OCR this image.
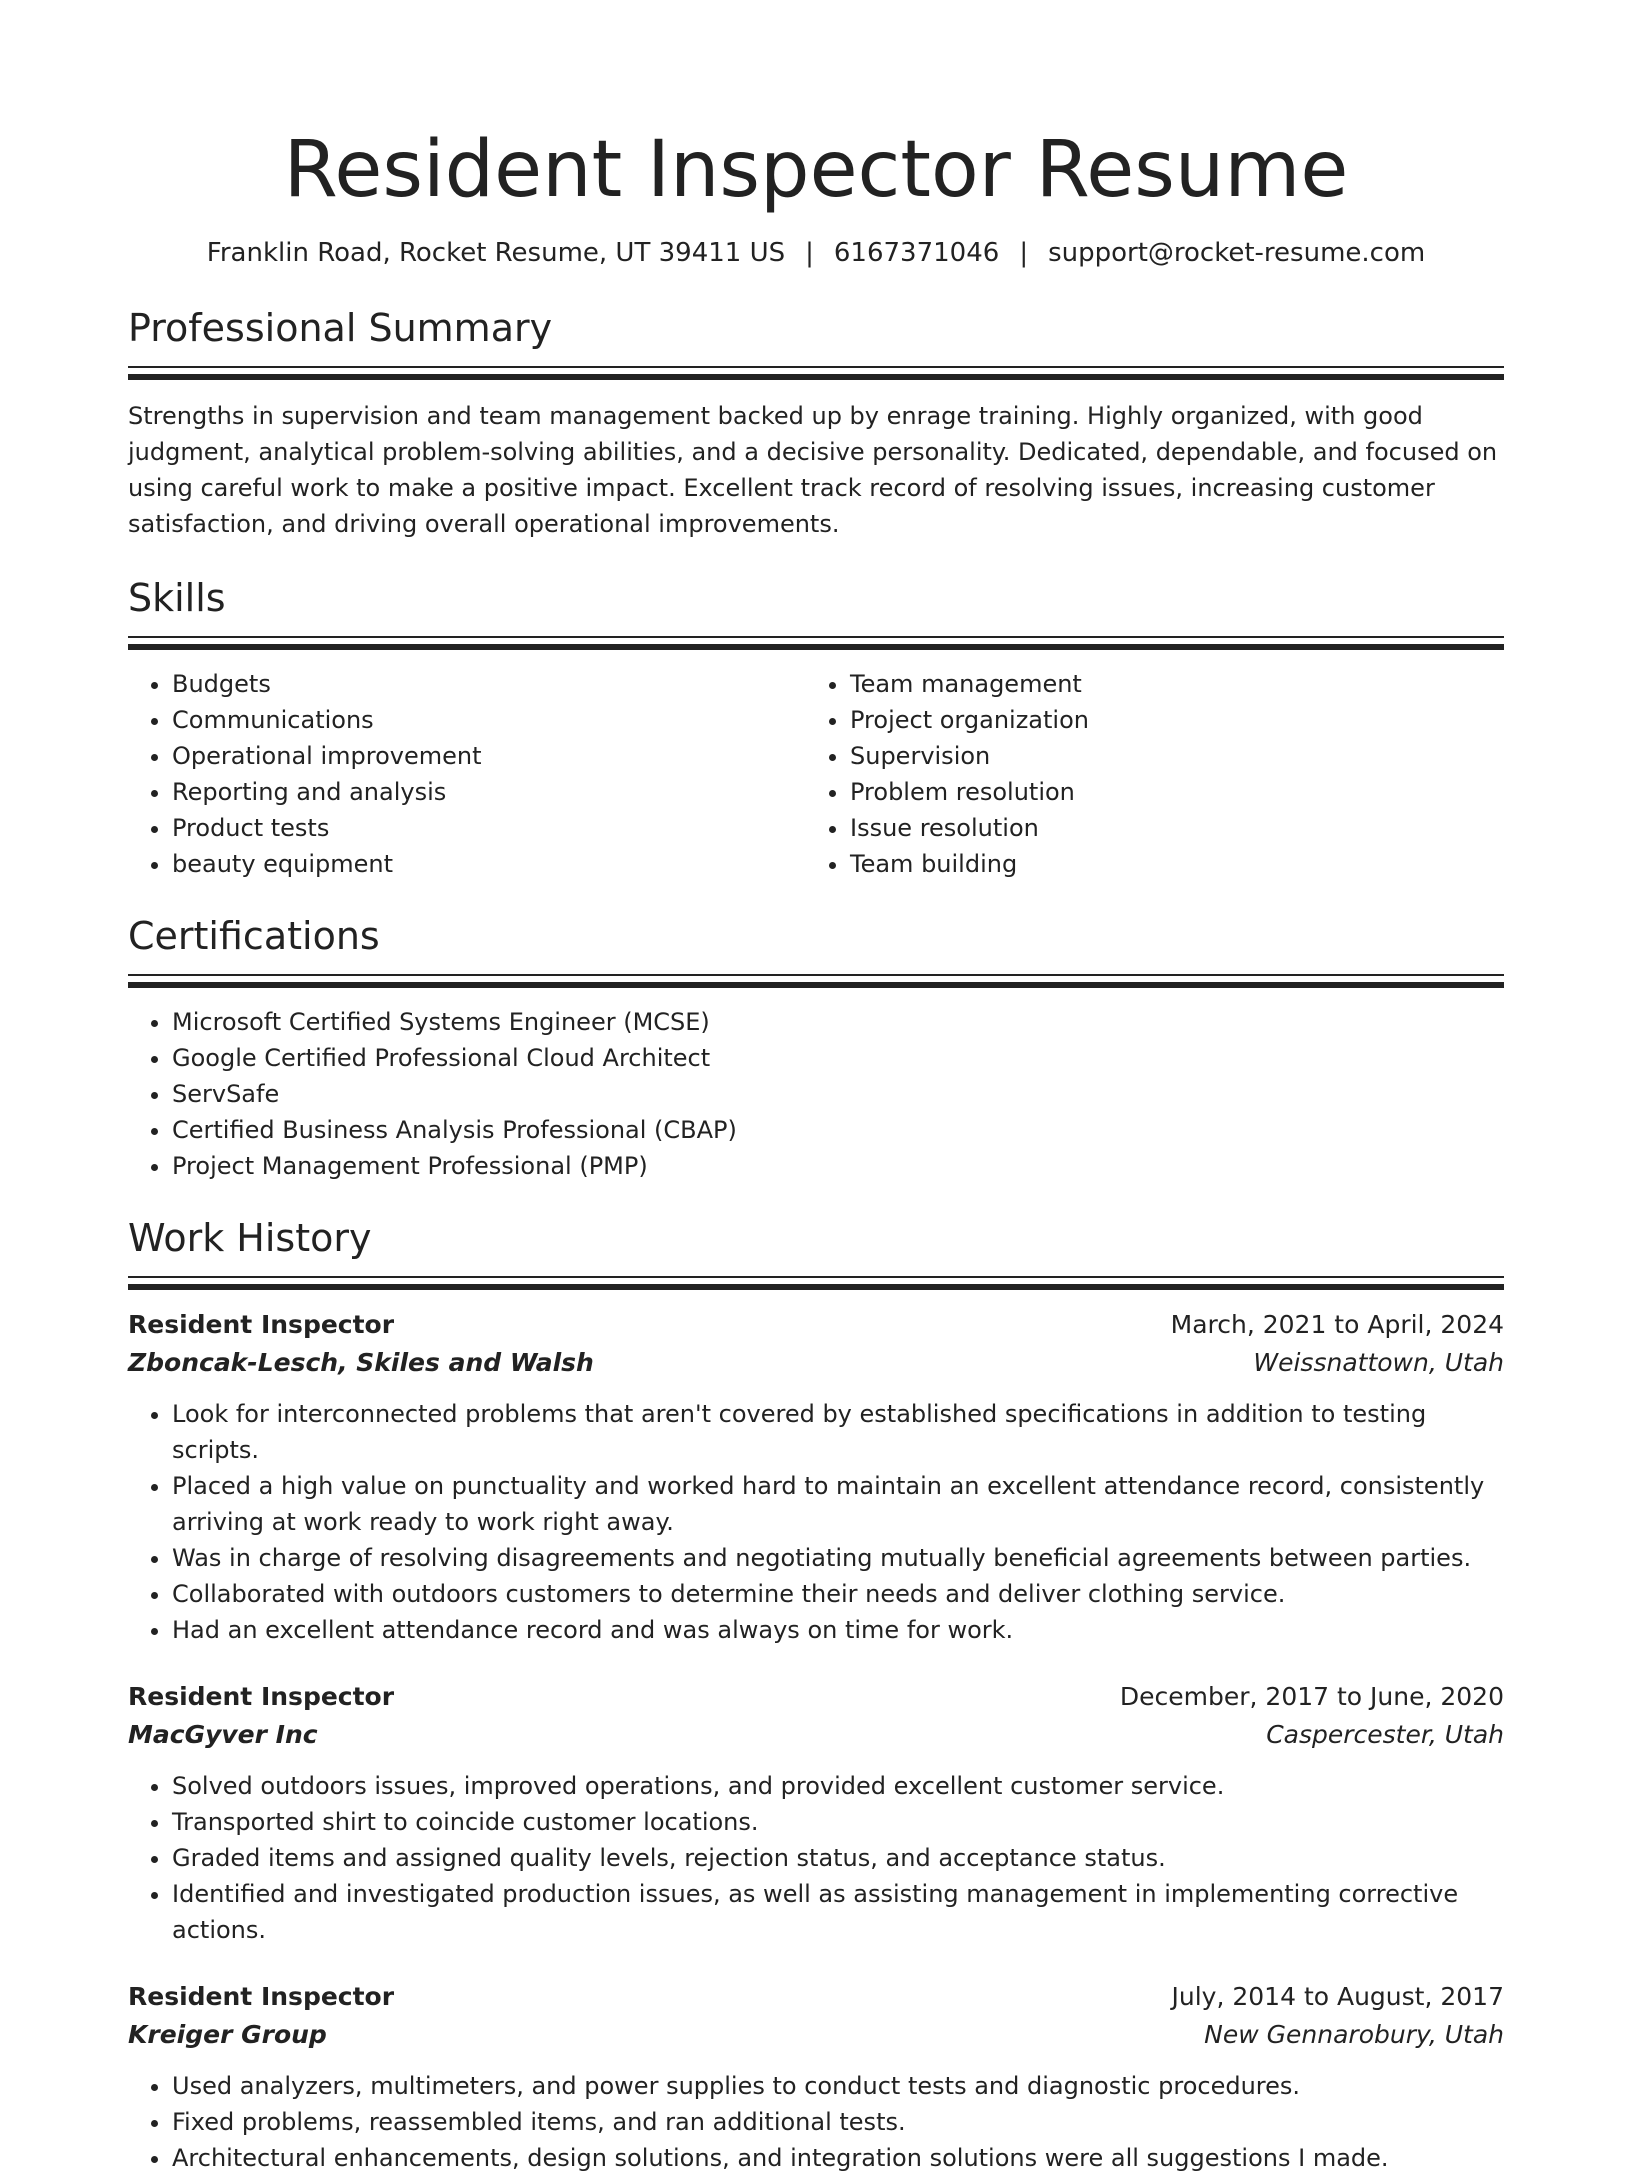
Resident Inspector Resume
Franklin Road, Rocket Resume, UT 39411 US | 6167371046 | support@rocket-resume.com
Professional Summary

Strengths in supervision and team management backed up by enrage training. Highly organized, with good judgment, analytical problem-solving abilities, and a decisive personality. Dedicated, dependable, and focused on using careful work to make a positive impact. Excellent track record of resolving issues, increasing customer satisfaction, and driving overall operational improvements.

Skills
• Budgets
• Communications
• Operational improvement
• Reporting and analysis
• Product tests
• beauty equipment
• Team management
• Project organization
• Supervision
• Problem resolution
• Issue resolution
• Team building
Certifications
• Microsoft Certified Systems Engineer (MCSE)
• Google Certified Professional Cloud Architect
• ServSafe
• Certified Business Analysis Professional (CBAP)
• Project Management Professional (PMP)
Work History
Resident Inspector	March, 2021 to April, 2024
Zboncak-Lesch, Skiles and Walsh	Weissnattown, Utah
• Look for interconnected problems that aren't covered by established specifications in addition to testing scripts.
• Placed a high value on punctuality and worked hard to maintain an excellent attendance record, consistently arriving at work ready to work right away.
• Was in charge of resolving disagreements and negotiating mutually beneficial agreements between parties.
• Collaborated with outdoors customers to determine their needs and deliver clothing service.
• Had an excellent attendance record and was always on time for work.
Resident Inspector	December, 2017 to June, 2020
MacGyver Inc	Caspercester, Utah
• Solved outdoors issues, improved operations, and provided excellent customer service.
• Transported shirt to coincide customer locations.
• Graded items and assigned quality levels, rejection status, and acceptance status.
• Identified and investigated production issues, as well as assisting management in implementing corrective actions.
Resident Inspector	July, 2014 to August, 2017
Kreiger Group	New Gennarobury, Utah
• Used analyzers, multimeters, and power supplies to conduct tests and diagnostic procedures.
• Fixed problems, reassembled items, and ran additional tests.
• Architectural enhancements, design solutions, and integration solutions were all suggestions I made.
